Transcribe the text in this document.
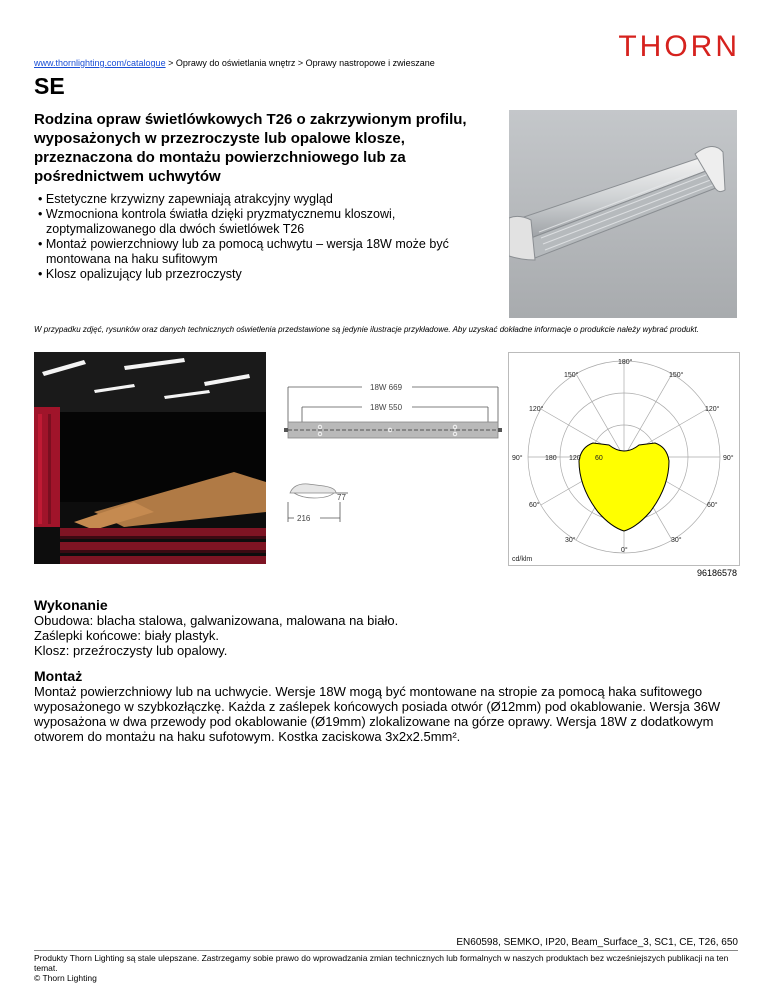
THORN
www.thornlighting.com/catalogue > Oprawy do oświetlania wnętrz > Oprawy nastropowe i zwieszane
SE

Rodzina opraw świetlówkowych T26 o zakrzywionym profilu, wyposażonych w przezroczyste lub opalowe klosze, przeznaczona do montażu powierzchniowego lub za pośrednictwem uchwytów

• Estetyczne krzywizny zapewniają atrakcyjny wygląd
• Wzmocniona kontrola światła dzięki pryzmatycznemu kloszowi, zoptymalizowanego dla dwóch świetlówek T26
• Montaż powierzchniowy lub za pomocą uchwytu – wersja 18W może być montowana na haku sufitowym
• Klosz opalizujący lub przezroczysty
W przypadku zdjęć, rysunków oraz danych technicznych oświetlenia przedstawione są jedynie ilustracje przykładowe. Aby uzyskać dokładne informacje o produkcie należy wybrać produkt.
18W 669
18W 550
77
216
180°
150°	150°
120°	120°
90°	90°
60°	60°
30°	30°
0°
180 120 60
cd/klm
96186578
Wykonanie
Obudowa: blacha stalowa, galwanizowana, malowana na biało.
Zaślepki końcowe: biały plastyk.
Klosz: przeźroczysty lub opalowy.
Montaż
Montaż powierzchniowy lub na uchwycie. Wersje 18W mogą być montowane na stropie za pomocą haka sufitowego wyposażonego w szybkozłączkę. Każda z zaślepek końcowych posiada otwór (Ø12mm) pod okablowanie. Wersja 36W wyposażona w dwa przewody pod okablowanie (Ø19mm) zlokalizowane na górze oprawy. Wersja 18W z dodatkowym otworem do montażu na haku sufotowym. Kostka zaciskowa 3x2x2.5mm².
EN60598, SEMKO, IP20, Beam_Surface_3, SC1, CE, T26, 650
Produkty Thorn Lighting są stale ulepszane. Zastrzegamy sobie prawo do wprowadzania zmian technicznych lub formalnych w naszych produktach bez wcześniejszych publikacji na ten temat.
© Thorn Lighting
